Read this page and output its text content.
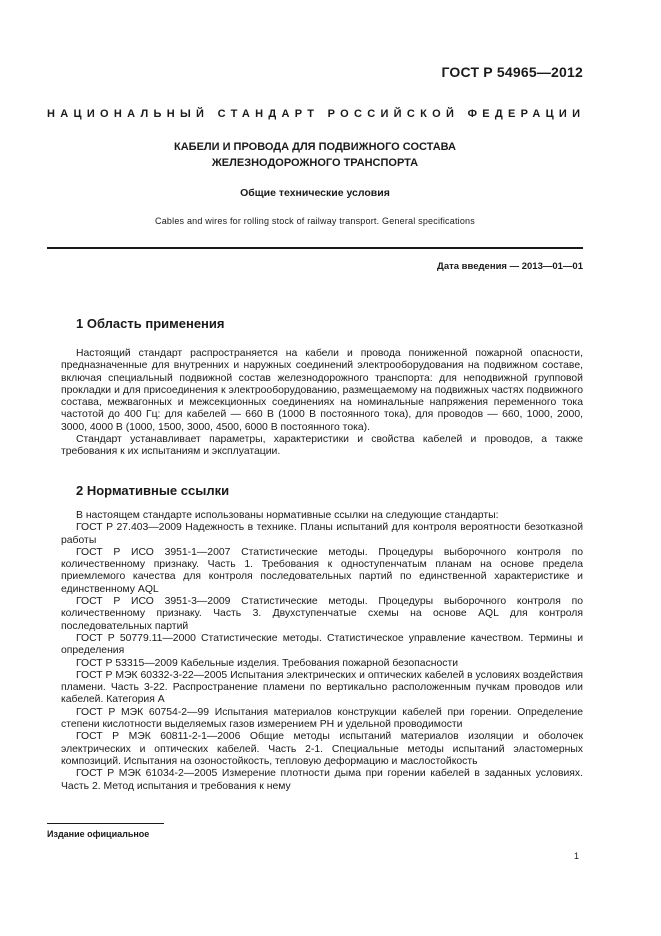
ГОСТ Р 54965—2012
НАЦИОНАЛЬНЫЙ СТАНДАРТ РОССИЙСКОЙ ФЕДЕРАЦИИ
КАБЕЛИ И ПРОВОДА ДЛЯ ПОДВИЖНОГО СОСТАВА
ЖЕЛЕЗНОДОРОЖНОГО ТРАНСПОРТА
Общие технические условия
Cables and wires for rolling stock of railway transport. General specifications
Дата введения — 2013—01—01
1 Область применения

Настоящий стандарт распространяется на кабели и провода пониженной пожарной опасности, предназначенные для внутренних и наружных соединений электрооборудования на подвижном составе, включая специальный подвижной состав железнодорожного транспорта: для неподвижной групповой прокладки и для присоединения к электрооборудованию, размещаемому на подвижных частях подвижного состава, межвагонных и межсекционных соединениях на номинальные напряжения переменного тока частотой до 400 Гц: для кабелей — 660 В (1000 В постоянного тока), для проводов — 660, 1000, 2000, 3000, 4000 В (1000, 1500, 3000, 4500, 6000 В постоянного тока).

Стандарт устанавливает параметры, характеристики и свойства кабелей и проводов, а также требования к их испытаниям и эксплуатации.

2 Нормативные ссылки

В настоящем стандарте использованы нормативные ссылки на следующие стандарты:

ГОСТ Р 27.403—2009 Надежность в технике. Планы испытаний для контроля вероятности безотказной работы

ГОСТ Р ИСО 3951-1—2007 Статистические методы. Процедуры выборочного контроля по количественному признаку. Часть 1. Требования к одноступенчатым планам на основе предела приемлемого качества для контроля последовательных партий по единственной характеристике и единственному AQL

ГОСТ Р ИСО 3951-3—2009 Статистические методы. Процедуры выборочного контроля по количественному признаку. Часть 3. Двухступенчатые схемы на основе AQL для контроля последовательных партий

ГОСТ Р 50779.11—2000 Статистические методы. Статистическое управление качеством. Термины и определения

ГОСТ Р 53315—2009 Кабельные изделия. Требования пожарной безопасности

ГОСТ Р МЭК 60332-3-22—2005 Испытания электрических и оптических кабелей в условиях воздействия пламени. Часть 3-22. Распространение пламени по вертикально расположенным пучкам проводов или кабелей. Категория А

ГОСТ Р МЭК 60754-2—99 Испытания материалов конструкции кабелей при горении. Определение степени кислотности выделяемых газов измерением PH и удельной проводимости

ГОСТ Р МЭК 60811-2-1—2006 Общие методы испытаний материалов изоляции и оболочек электрических и оптических кабелей. Часть 2-1. Специальные методы испытаний эластомерных композиций. Испытания на озоностойкость, тепловую деформацию и маслостойкость

ГОСТ Р МЭК 61034-2—2005 Измерение плотности дыма при горении кабелей в заданных условиях. Часть 2. Метод испытания и требования к нему

Издание официальное
1
